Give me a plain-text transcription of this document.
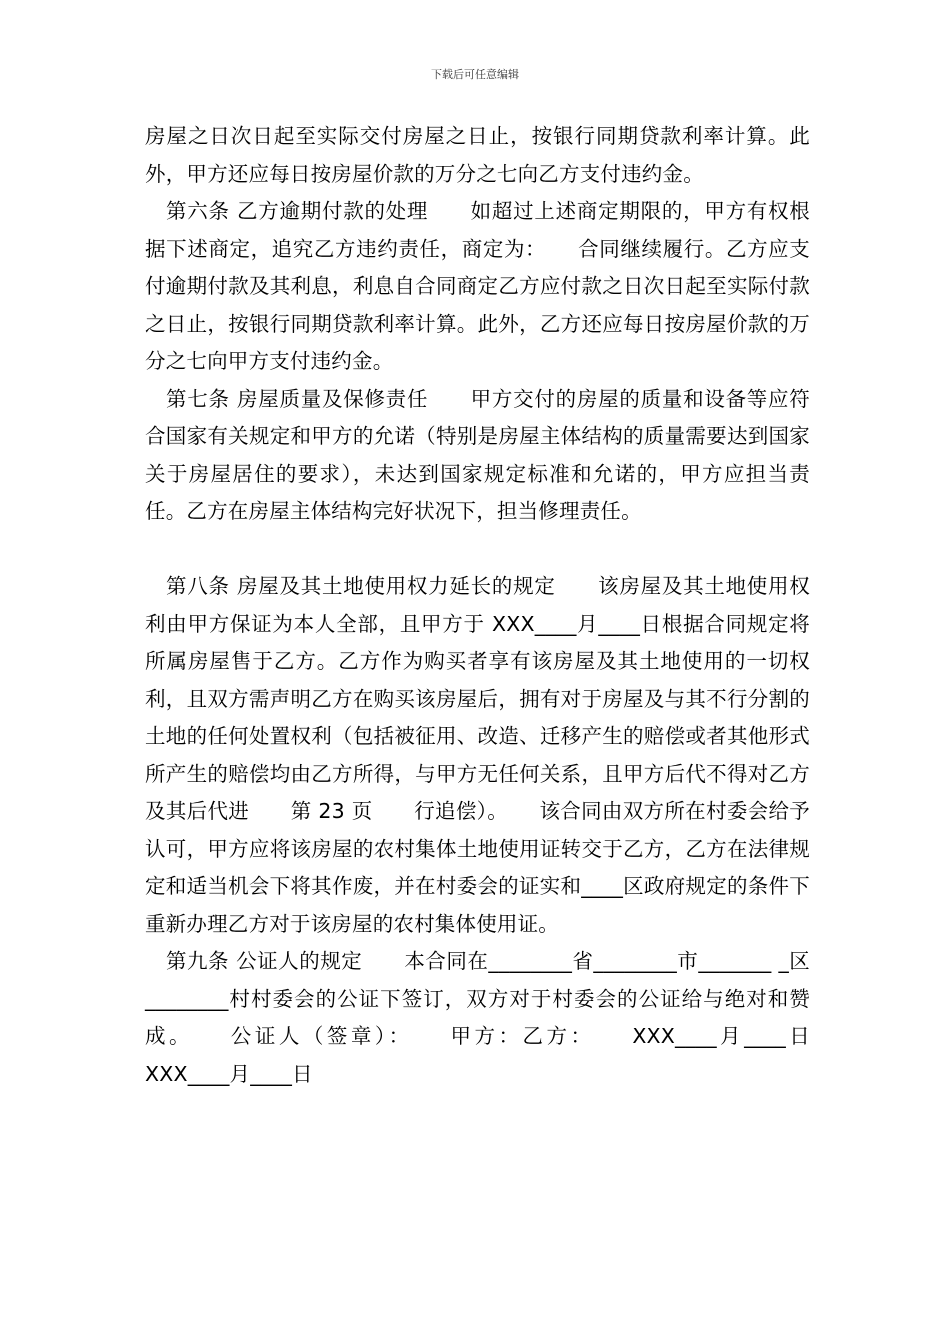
下载后可任意编辑

房屋之日次日起至实际交付房屋之日止，按银行同期贷款利率计算。此外，甲方还应每日按房屋价款的万分之七向乙方支付违约金。

第六条 乙方逾期付款的处理　　如超过上述商定期限的，甲方有权根据下述商定，追究乙方违约责任，商定为：　　合同继续履行。乙方应支付逾期付款及其利息，利息自合同商定乙方应付款之日次日起至实际付款之日止，按银行同期贷款利率计算。此外，乙方还应每日按房屋价款的万分之七向甲方支付违约金。

第七条 房屋质量及保修责任　　甲方交付的房屋的质量和设备等应符合国家有关规定和甲方的允诺（特别是房屋主体结构的质量需要达到国家关于房屋居住的要求），未达到国家规定标准和允诺的，甲方应担当责任。乙方在房屋主体结构完好状况下，担当修理责任。

第八条 房屋及其土地使用权力延长的规定　　该房屋及其土地使用权利由甲方保证为本人全部，且甲方于 XXX____月____日根据合同规定将所属房屋售于乙方。乙方作为购买者享有该房屋及其土地使用的一切权利，且双方需声明乙方在购买该房屋后，拥有对于房屋及与其不行分割的土地的任何处置权利（包括被征用、改造、迁移产生的赔偿或者其他形式所产生的赔偿均由乙方所得，与甲方无任何关系，且甲方后代不得对乙方及其后代进　　第 23 页　　行追偿）。　　该合同由双方所在村委会给予认可，甲方应将该房屋的农村集体土地使用证转交于乙方，乙方在法律规定和适当机会下将其作废，并在村委会的证实和____区政府规定的条件下重新办理乙方对于该房屋的农村集体使用证。

第九条 公证人的规定　　本合同在________省________市_______ _区________村村委会的公证下签订，双方对于村委会的公证给与绝对和赞成。　　公证人（签章）：　　甲方：乙方：　　XXX____月____日 XXX____月____日
